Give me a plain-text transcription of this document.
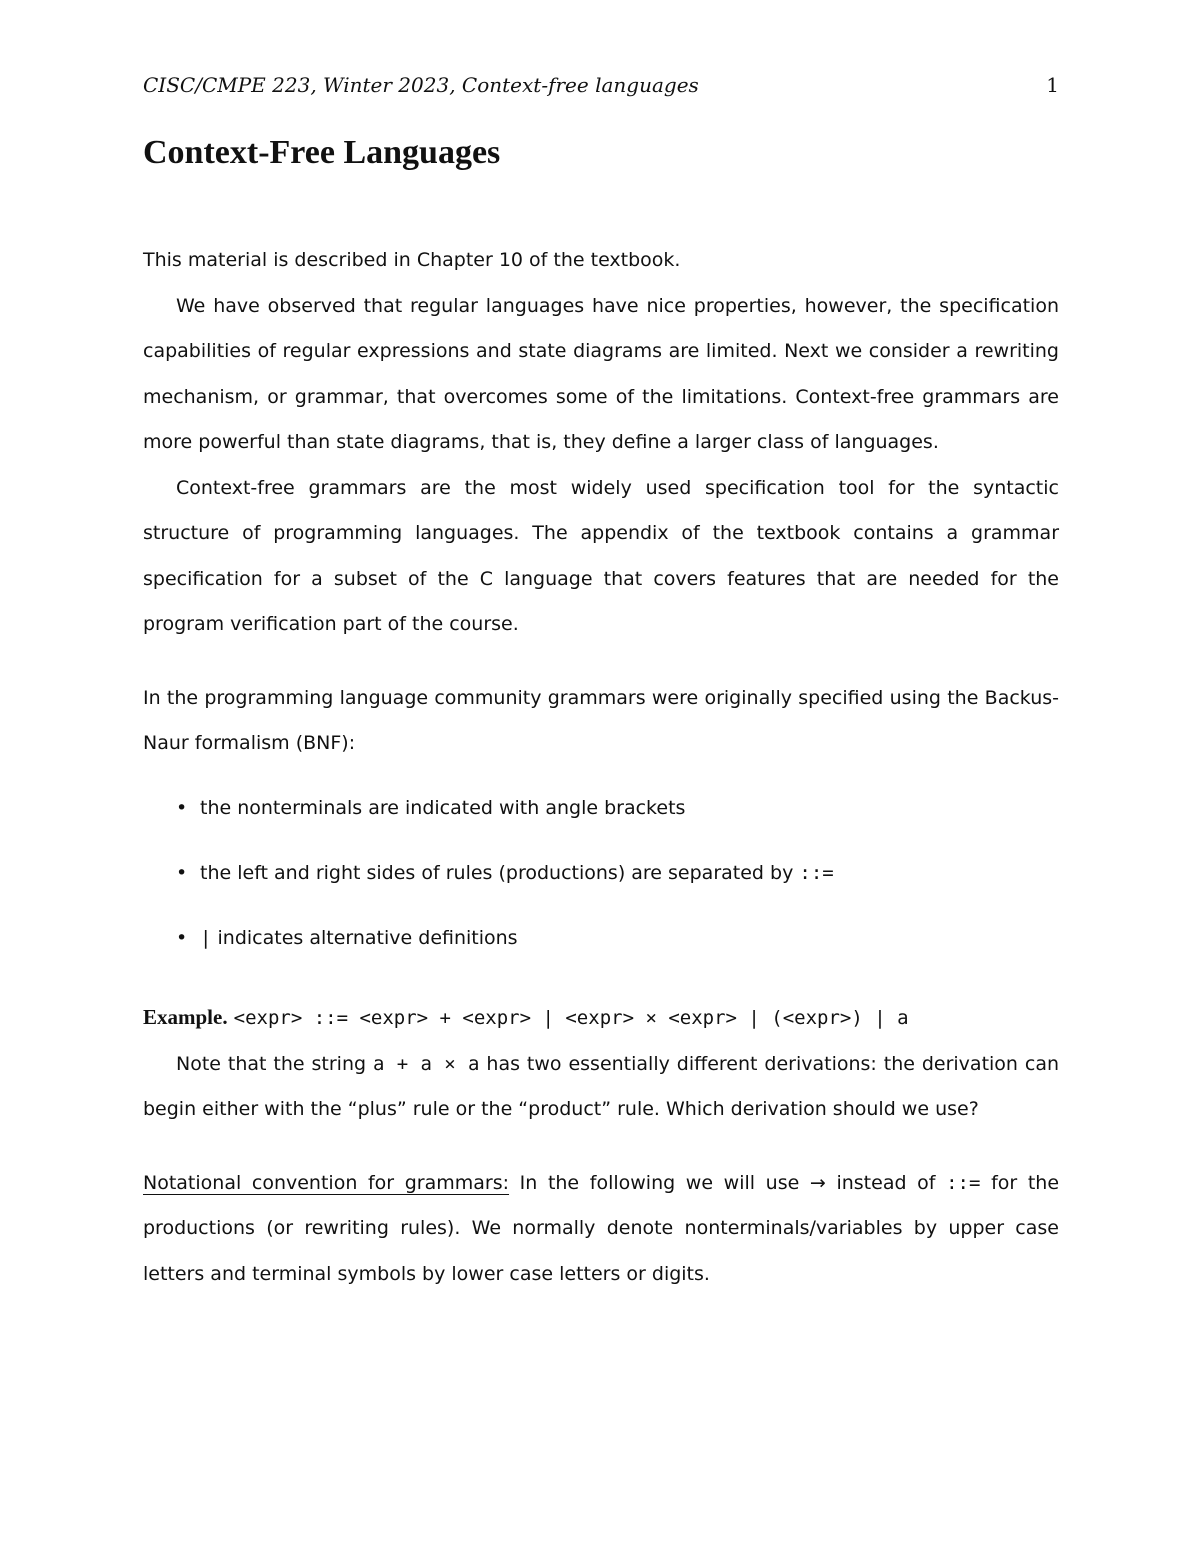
CISC/CMPE 223, Winter 2023, Context-free languages	1
Context-Free Languages

This material is described in Chapter 10 of the textbook.

We have observed that regular languages have nice properties, however, the specification capabilities of regular expressions and state diagrams are limited. Next we consider a rewriting mechanism, or grammar, that overcomes some of the limitations. Context-free grammars are more powerful than state diagrams, that is, they define a larger class of languages.

Context-free grammars are the most widely used specification tool for the syntactic structure of programming languages. The appendix of the textbook contains a grammar specification for a subset of the C language that covers features that are needed for the program verification part of the course.

In the programming language community grammars were originally specified using the Backus-Naur formalism (BNF):

• the nonterminals are indicated with angle brackets
• the left and right sides of rules (productions) are separated by ::=
• | indicates alternative definitions

Example. <expr> ::= <expr> + <expr> | <expr> × <expr> | (<expr>) | a

Note that the string a + a × a has two essentially different derivations: the derivation can begin either with the “plus” rule or the “product” rule. Which derivation should we use?

Notational convention for grammars: In the following we will use → instead of ::= for the productions (or rewriting rules). We normally denote nonterminals/variables by upper case letters and terminal symbols by lower case letters or digits.
